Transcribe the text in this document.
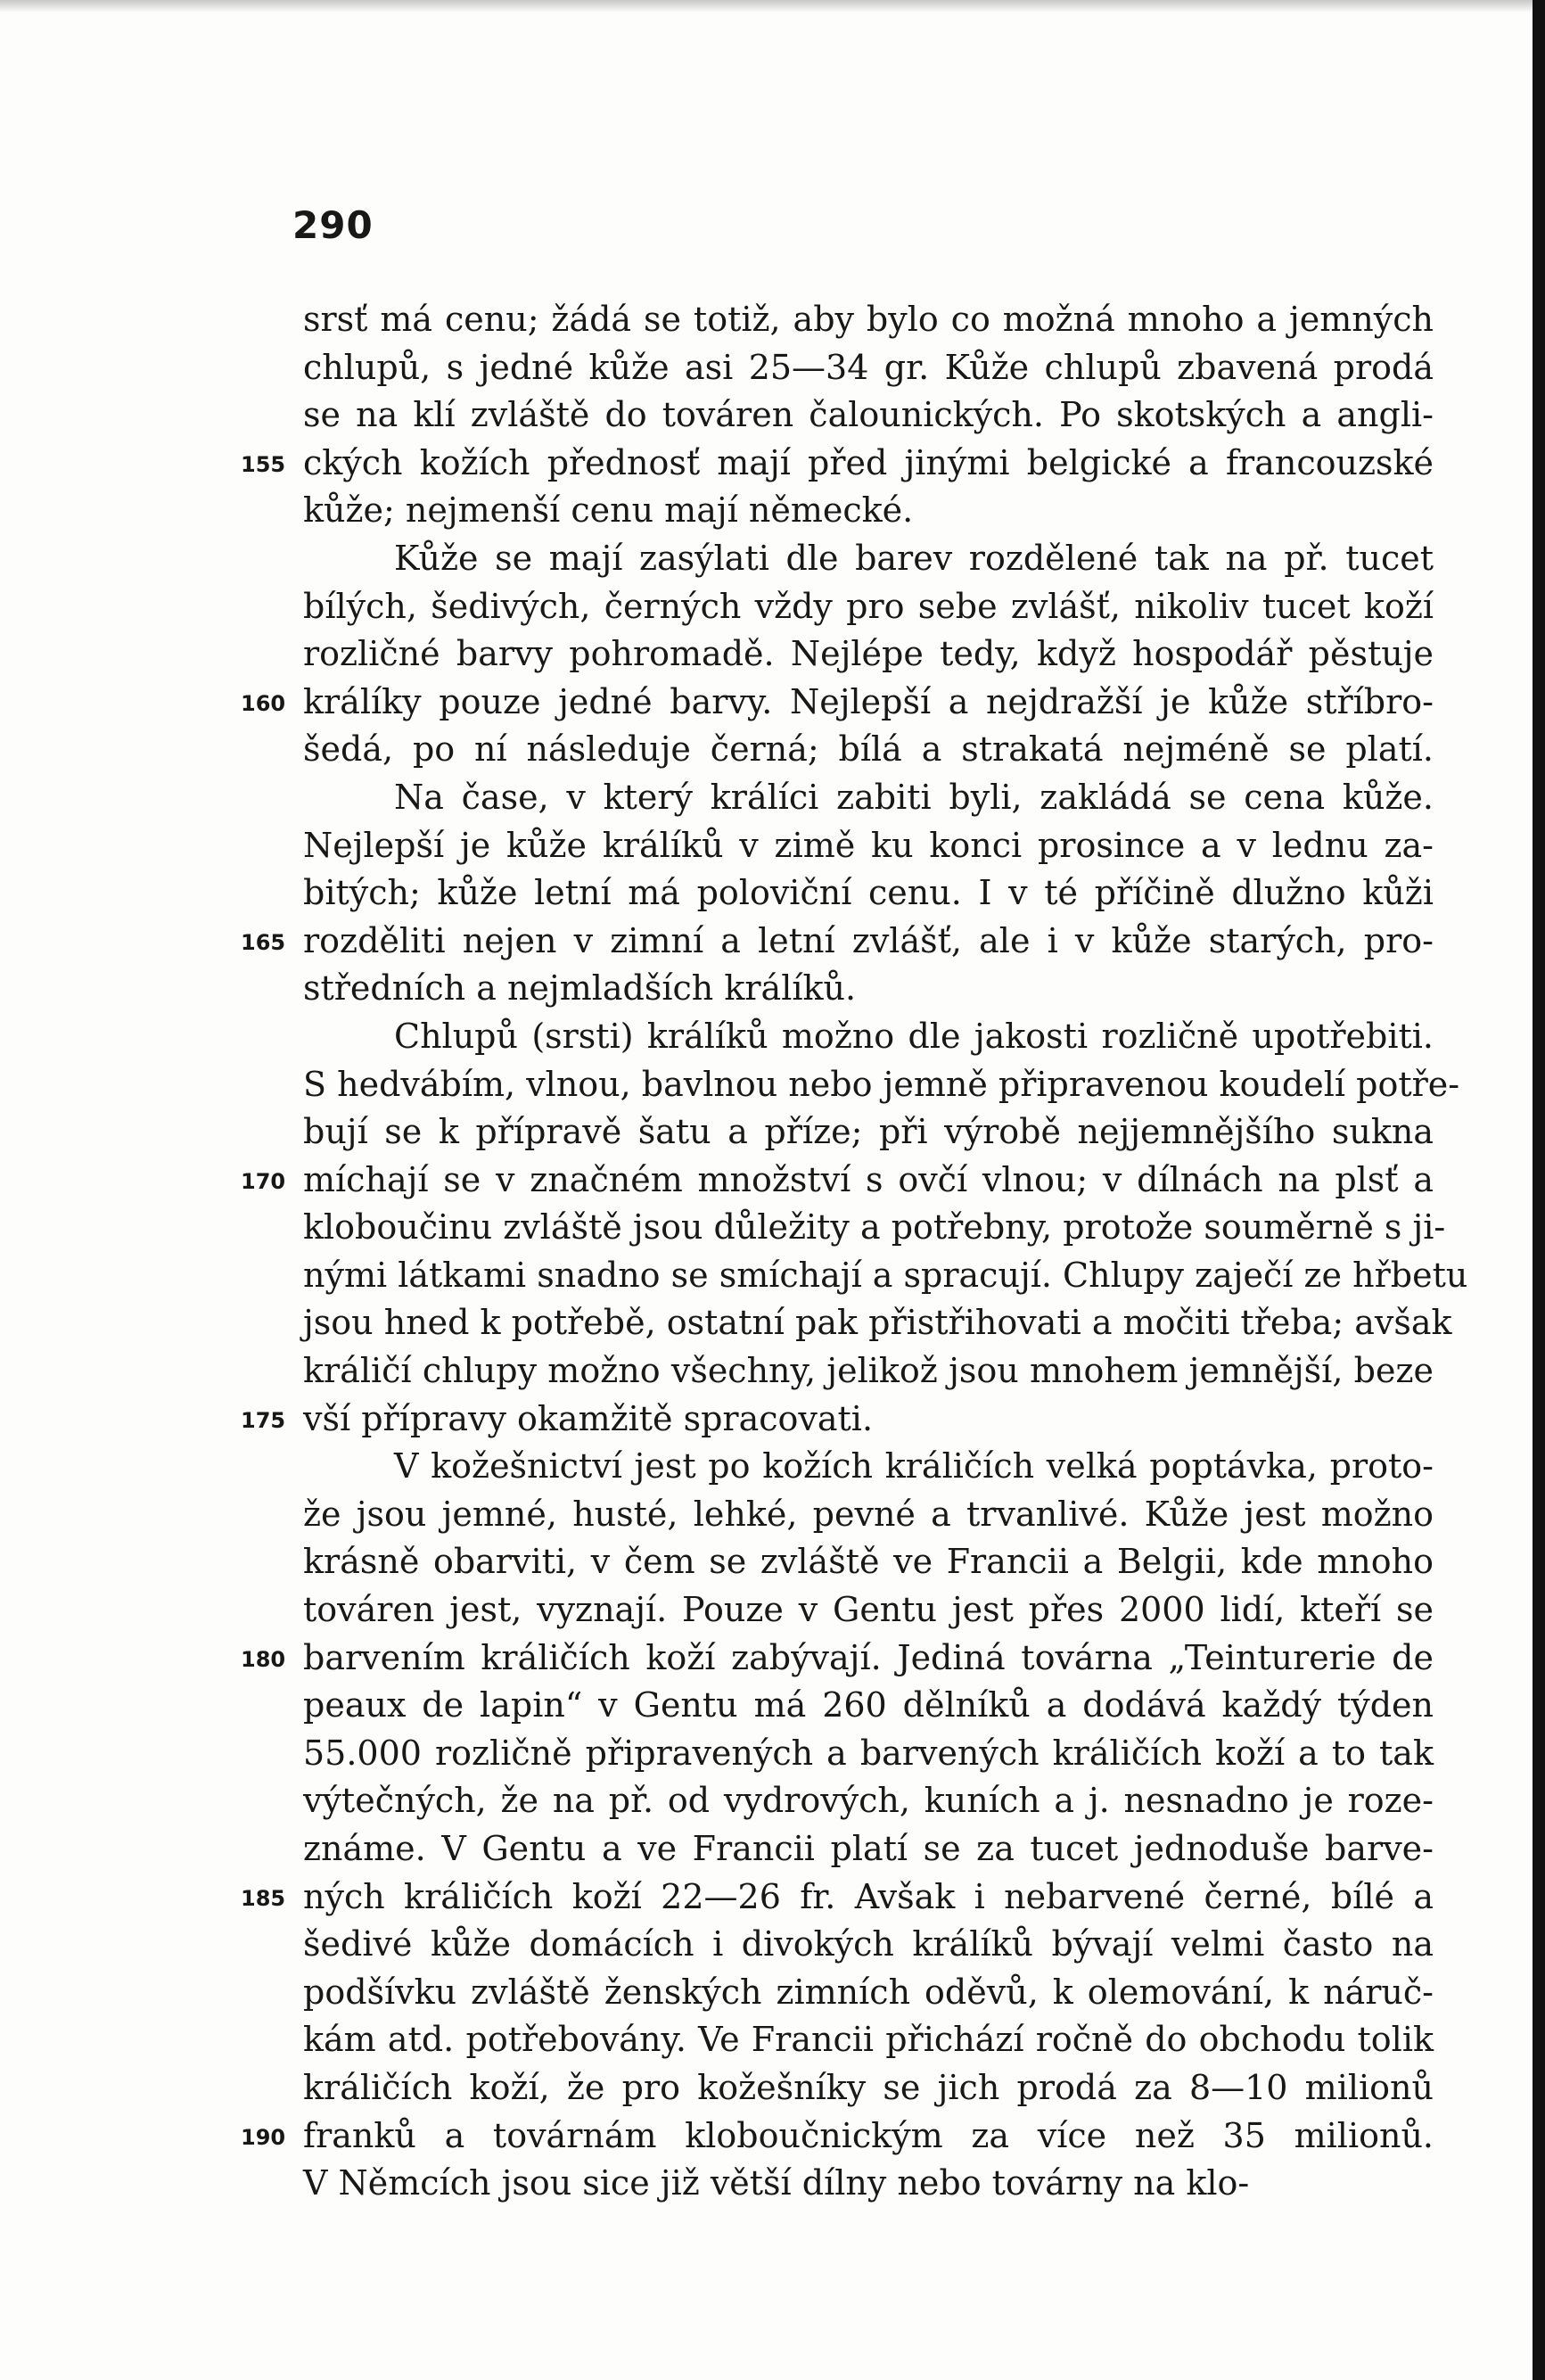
290
srsť má cenu; žádá se totiž, aby bylo co možná mnoho a jemných
chlupů, s jedné kůže asi 25—34 gr. Kůže chlupů zbavená prodá
se na klí zvláště do továren čalounických. Po skotských a angli-
155 ckých kožích přednosť mají před jinými belgické a francouzské
kůže; nejmenší cenu mají německé.
Kůže se mají zasýlati dle barev rozdělené tak na př. tucet
bílých, šedivých, černých vždy pro sebe zvlášť, nikoliv tucet koží
rozličné barvy pohromadě. Nejlépe tedy, když hospodář pěstuje
160 králíky pouze jedné barvy. Nejlepší a nejdražší je kůže stříbro-
šedá, po ní následuje černá; bílá a strakatá nejméně se platí.
Na čase, v který králíci zabiti byli, zakládá se cena kůže.
Nejlepší je kůže králíků v zimě ku konci prosince a v lednu za-
bitých; kůže letní má poloviční cenu. I v té příčině dlužno kůži
165 rozděliti nejen v zimní a letní zvlášť, ale i v kůže starých, pro-
středních a nejmladších králíků.
Chlupů (srsti) králíků možno dle jakosti rozličně upotřebiti.
S hedvábím, vlnou, bavlnou nebo jemně připravenou koudelí potře-
bují se k přípravě šatu a příze; při výrobě nejjemnějšího sukna
170 míchají se v značném množství s ovčí vlnou; v dílnách na plsť a
kloboučinu zvláště jsou důležity a potřebny, protože souměrně s ji-
nými látkami snadno se smíchají a spracují. Chlupy zaječí ze hřbetu
jsou hned k potřebě, ostatní pak přistřihovati a močiti třeba; avšak
králičí chlupy možno všechny, jelikož jsou mnohem jemnější, beze
175 vší přípravy okamžitě spracovati.
V kožešnictví jest po kožích králičích velká poptávka, proto-
že jsou jemné, husté, lehké, pevné a trvanlivé. Kůže jest možno
krásně obarviti, v čem se zvláště ve Francii a Belgii, kde mnoho
továren jest, vyznají. Pouze v Gentu jest přes 2000 lidí, kteří se
180 barvením králičích koží zabývají. Jediná továrna „Teinturerie de
peaux de lapin“ v Gentu má 260 dělníků a dodává každý týden
55.000 rozličně připravených a barvených králičích koží a to tak
výtečných, že na př. od vydrových, kuních a j. nesnadno je roze-
známe. V Gentu a ve Francii platí se za tucet jednoduše barve-
185 ných králičích koží 22—26 fr. Avšak i nebarvené černé, bílé a
šedivé kůže domácích i divokých králíků bývají velmi často na
podšívku zvláště ženských zimních oděvů, k olemování, k náruč-
kám atd. potřebovány. Ve Francii přichází ročně do obchodu tolik
králičích koží, že pro kožešníky se jich prodá za 8—10 milionů
190 franků a továrnám kloboučnickým za více než 35 milionů.
V Němcích jsou sice již větší dílny nebo továrny na klo-
